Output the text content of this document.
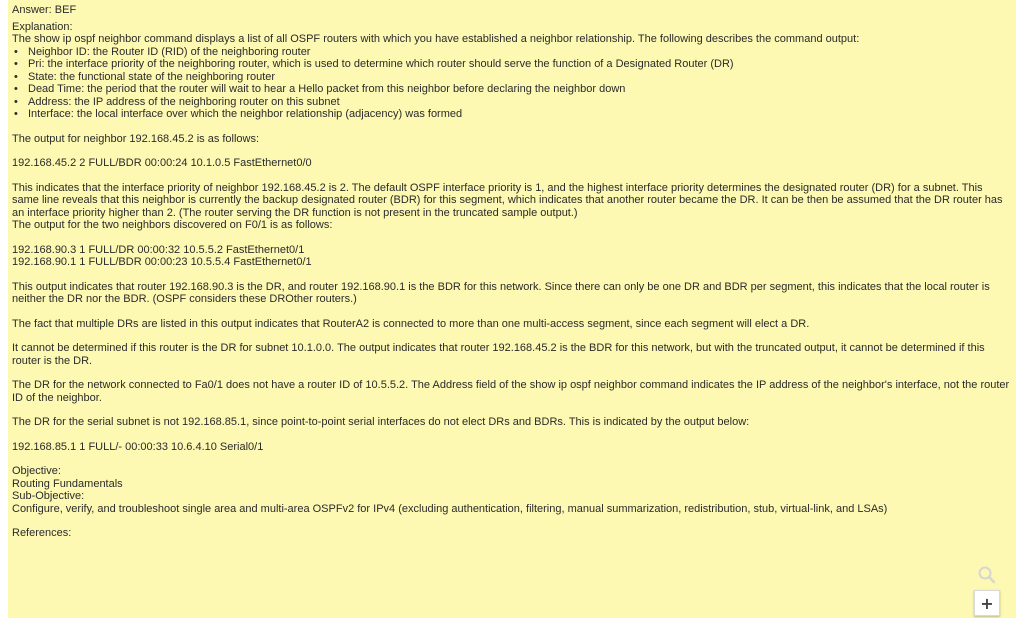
Answer: BEF

Explanation:

The show ip ospf neighbor command displays a list of all OSPF routers with which you have established a neighbor relationship. The following describes the command output:

• Neighbor ID: the Router ID (RID) of the neighboring router
• Pri: the interface priority of the neighboring router, which is used to determine which router should serve the function of a Designated Router (DR)
• State: the functional state of the neighboring router
• Dead Time: the period that the router will wait to hear a Hello packet from this neighbor before declaring the neighbor down
• Address: the IP address of the neighboring router on this subnet
• Interface: the local interface over which the neighbor relationship (adjacency) was formed

The output for neighbor 192.168.45.2 is as follows:

192.168.45.2 2 FULL/BDR 00:00:24 10.1.0.5 FastEthernet0/0

This indicates that the interface priority of neighbor 192.168.45.2 is 2. The default OSPF interface priority is 1, and the highest interface priority determines the designated router (DR) for a subnet. This same line reveals that this neighbor is currently the backup designated router (BDR) for this segment, which indicates that another router became the DR. It can be then be assumed that the DR router has an interface priority higher than 2. (The router serving the DR function is not present in the truncated sample output.)

The output for the two neighbors discovered on F0/1 is as follows:

192.168.90.3 1 FULL/DR 00:00:32 10.5.5.2 FastEthernet0/1

192.168.90.1 1 FULL/BDR 00:00:23 10.5.5.4 FastEthernet0/1

This output indicates that router 192.168.90.3 is the DR, and router 192.168.90.1 is the BDR for this network. Since there can only be one DR and BDR per segment, this indicates that the local router is neither the DR nor the BDR. (OSPF considers these DROther routers.)

The fact that multiple DRs are listed in this output indicates that RouterA2 is connected to more than one multi-access segment, since each segment will elect a DR.

It cannot be determined if this router is the DR for subnet 10.1.0.0. The output indicates that router 192.168.45.2 is the BDR for this network, but with the truncated output, it cannot be determined if this router is the DR.

The DR for the network connected to Fa0/1 does not have a router ID of 10.5.5.2. The Address field of the show ip ospf neighbor command indicates the IP address of the neighbor's interface, not the router ID of the neighbor.

The DR for the serial subnet is not 192.168.85.1, since point-to-point serial interfaces do not elect DRs and BDRs. This is indicated by the output below:

192.168.85.1 1 FULL/- 00:00:33 10.6.4.10 Serial0/1

Objective:

Routing Fundamentals

Sub-Objective:

Configure, verify, and troubleshoot single area and multi-area OSPFv2 for IPv4 (excluding authentication, filtering, manual summarization, redistribution, stub, virtual-link, and LSAs)

References:

+
